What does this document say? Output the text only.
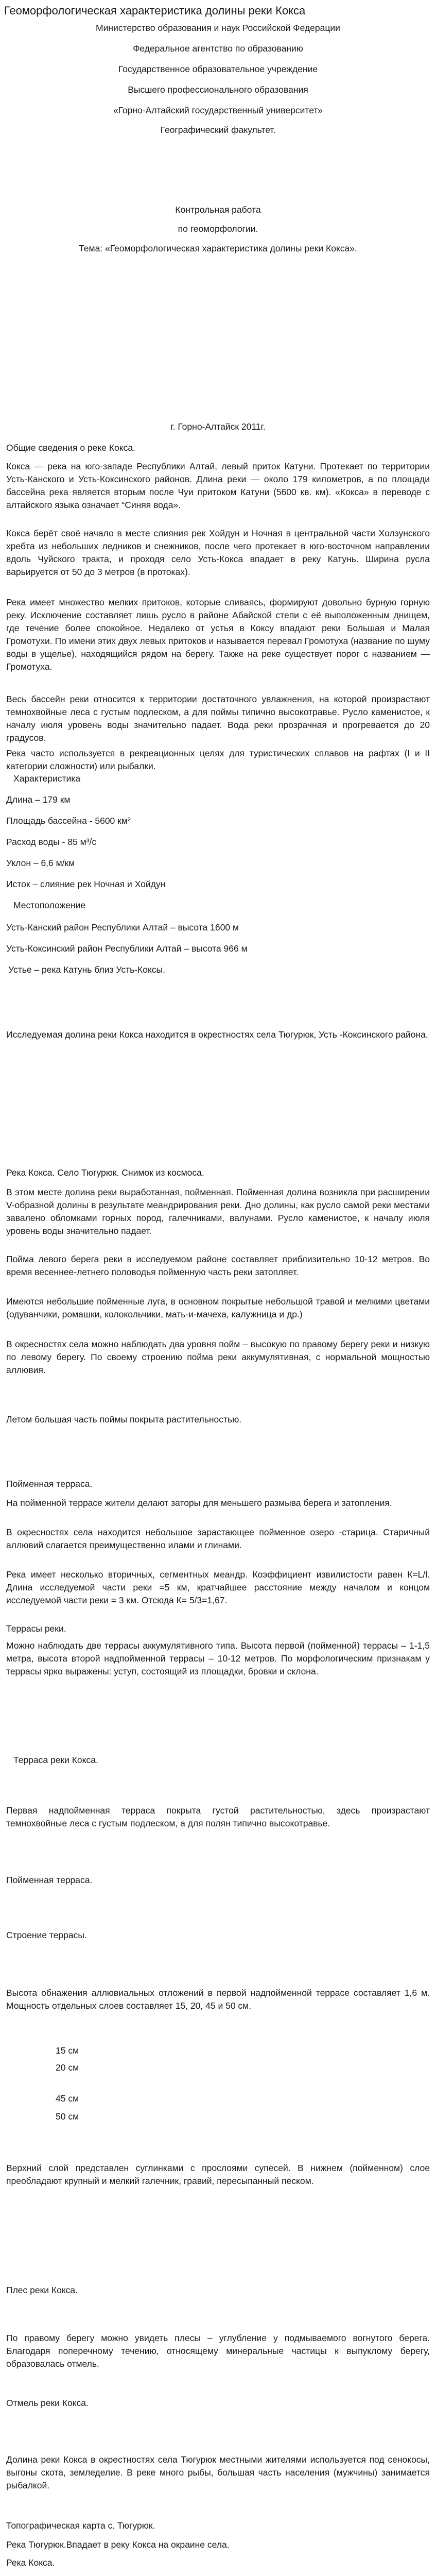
Геоморфологическая характеристика долины реки Кокса

Министерство образования и наук Российской Федерации

Федеральное агентство по образованию

Государственное образовательное учреждение

Высшего профессионального образования

«Горно-Алтайский государственный университет»

Географический факультет.

Контрольная работа

по геоморфологии.

Тема: «Геоморфологическая характеристика долины реки Кокса».

г. Горно-Алтайск 2011г.

Общие сведения о реке Кокса.

Кокса — река на юго-западе Республики Алтай, левый приток Катуни. Протекает по территории Усть-Канского и Усть-Коксинского районов. Длина реки — около 179 километров, а по площади бассейна река является вторым после Чуи притоком Катуни (5600 кв. км). «Кокса» в переводе с алтайского языка означает “Синяя вода».

Кокса берёт своё начало в месте слияния рек Хойдун и Ночная в центральной части Холзунского хребта из небольших ледников и снежников, после чего протекает в юго-восточном направлении вдоль Чуйского тракта, и проходя село Усть-Кокса впадает в реку Катунь. Ширина русла варьируется от 50 до 3 метров (в протоках).

Река имеет множество мелких притоков, которые сливаясь, формируют довольно бурную горную реку. Исключение составляет лишь русло в районе Абайской степи с её выположенным днищем, где течение более спокойное. Недалеко от устья в Коксу впадают реки Большая и Малая Громотухи. По имени этих двух левых притоков и называется перевал Громотуха (название по шуму воды в ущелье), находящийся рядом на берегу. Также на реке существует порог с названием — Громотуха.

Весь бассейн реки относится к территории достаточного увлажнения, на которой произрастают темнохвойные леса с густым подлеском, а для поймы типично высокотравье. Русло каменистое, к началу июля уровень воды значительно падает. Вода реки прозрачная и прогревается до 20 градусов.

Река часто используется в рекреационных целях для туристических сплавов на рафтах (I и II категории сложности) или рыбалки.

Характеристика

Длина – 179 км

Площадь бассейна - 5600 км²

Расход воды - 85 м³/с

Уклон – 6,6 м/км

Исток – слияние рек Ночная и Хойдун

Местоположение

Усть-Канский район Республики Алтай – высота 1600 м

Усть-Коксинский район Республики Алтай – высота 966 м

Устье – река Катунь близ Усть-Коксы.

Исследуемая долина реки Кокса находится в окрестностях села Тюгурюк, Усть -Коксинского района.

Река Кокса. Село Тюгурюк. Снимок из космоса.

В этом месте долина реки выработанная, пойменная. Пойменная долина возникла при расширении V-образной долины в результате меандрирования реки. Дно долины, как русло самой реки местами завалено обломками горных пород, галечниками, валунами. Русло каменистое, к началу июля уровень воды значительно падает.

Пойма левого берега реки в исследуемом районе составляет приблизительно 10-12 метров. Во время весеннее-летнего половодья пойменную часть реки затопляет.

Имеются небольшие пойменные луга, в основном покрытые небольшой травой и мелкими цветами (одуванчики, ромашки, колокольчики, мать-и-мачеха, калужница и др.)

В окресностях села можно наблюдать два уровня пойм – высокую по правому берегу реки и низкую по левому берегу. По своему строению пойма реки аккумулятивная, с нормальной мощностью аллювия.

Летом большая часть поймы покрыта растительностью.

Пойменная терраса.

На пойменной террасе жители делают заторы для меньшего размыва берега и затопления.

В окресностях села находится небольшое зарастающее пойменное озеро -старица. Старичный аллювий слагается преимущественно илами и глинами.

Река имеет несколько вторичных, сегментных меандр. Коэффициент извилистости равен К=L/l. Длина исследуемой части реки =5 км, кратчайшее расстояние между началом и концом исследуемой части реки = 3 км. Отсюда К= 5/3=1,67.

Террасы реки.

Можно наблюдать две террасы аккумулятивного типа. Высота первой (пойменной) террасы – 1-1,5 метра, высота второй надпойменной террасы – 10-12 метров. По морфологическим признакам у террасы ярко выражены: уступ, состоящий из площадки, бровки и склона.

Терраса реки Кокса.

Первая надпойменная терраса покрыта густой растительностью, здесь произрастают темнохвойные леса с густым подлеском, а для полян типично высокотравье.

Пойменная терраса.

Строение террасы.

Высота обнажения аллювиальных отложений в первой надпойменной террасе составляет 1,6 м. Мощность отдельных слоев составляет 15, 20, 45 и 50 см.

15 см

20 см

45 см

50 см

Верхний слой представлен суглинками с прослоями супесей. В нижнем (пойменном) слое преобладают крупный и мелкий галечник, гравий, пересыпанный песком.

Плес реки Кокса.

По правому берегу можно увидеть плесы – углубление у подмываемого вогнутого берега. Благодаря поперечному течению, относящему минеральные частицы к выпуклому берегу, образовалась отмель.

Отмель реки Кокса.

Долина реки Кокса в окрестностях села Тюгурюк местными жителями используется под сенокосы, выгоны скота, земледелие. В реке много рыбы, большая часть населения (мужчины) занимается рыбалкой.

Топографическая карта с. Тюгурюк.

Река Тюгурюк.Впадает в реку Кокса на окраине села.

Река Кокса.
